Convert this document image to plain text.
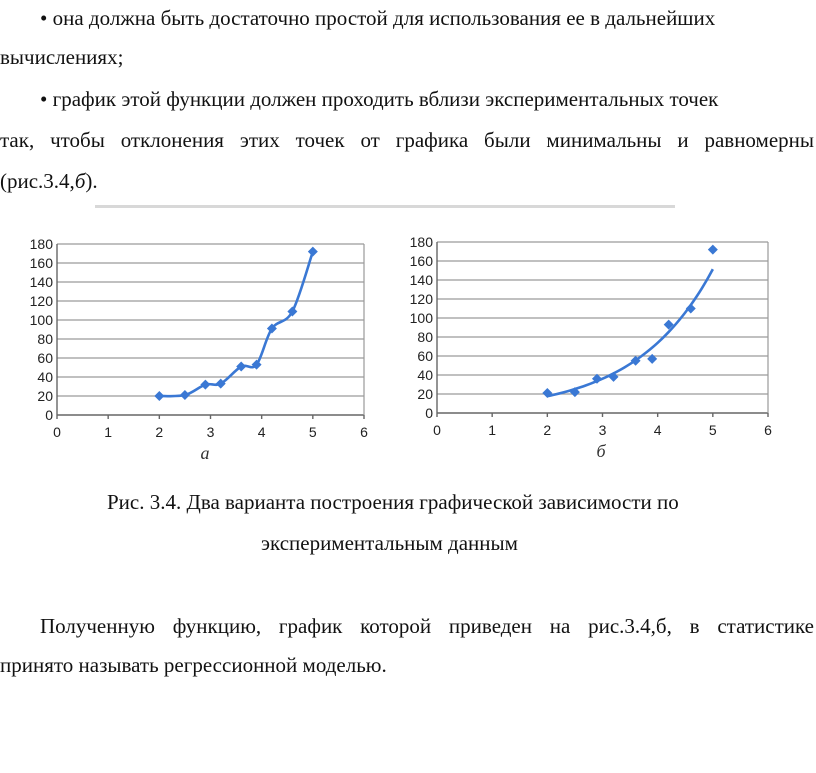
• она должна быть достаточно простой для использования ее в дальнейших
вычислениях;
• график этой функции должен проходить вблизи экспериментальных точек
так, чтобы отклонения этих точек от графика были минимальны и равномерны
(рис.3.4,б).
0
20
40
60
80
100
120
140
160
180
0	1	2	3	4	5	6
а
0
20
40
60
80
100
120
140
160
180
0	1	2	3	4	5	6
б
Рис. 3.4. Два варианта построения графической зависимости по
экспериментальным данным
Полученную функцию, график которой приведен на рис.3.4,б, в статистике
принято называть регрессионной моделью.
